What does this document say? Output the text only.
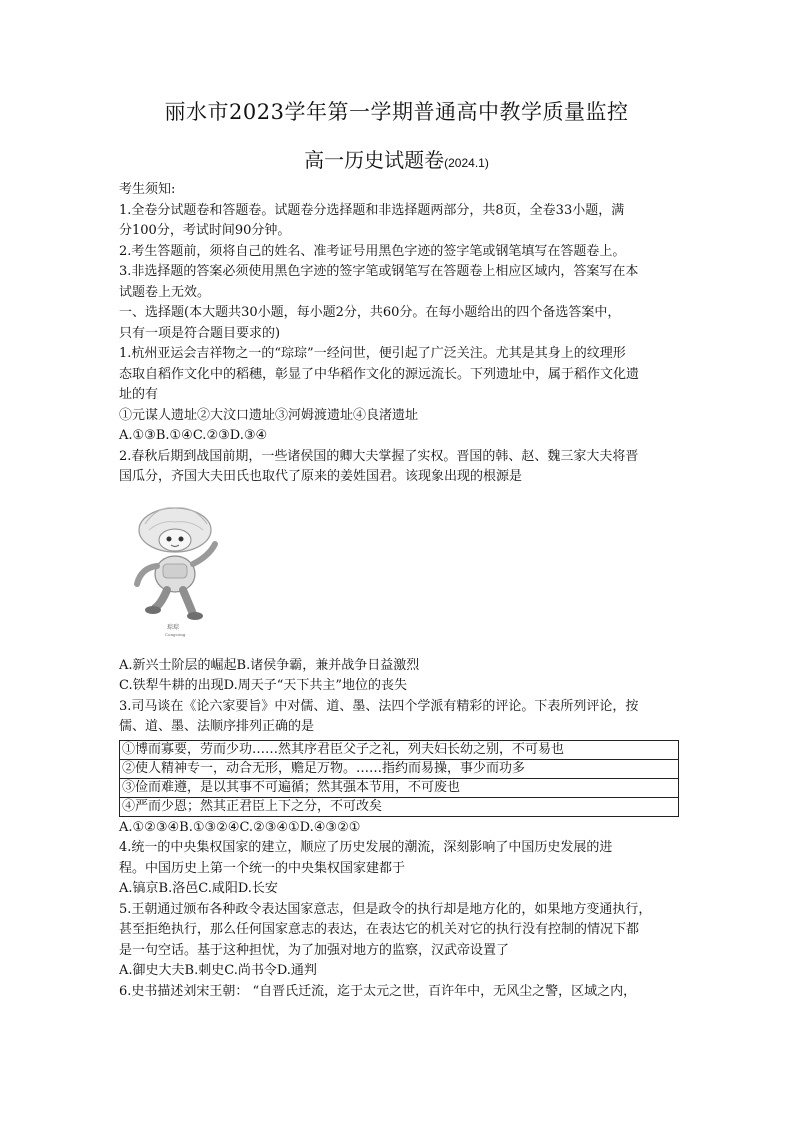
丽水市2023学年第一学期普通高中教学质量监控
高一历史试题卷(2024.1)
考生须知:
1.全卷分试题卷和答题卷。试题卷分选择题和非选择题两部分，共8页，全卷33小题，满
分100分，考试时间90分钟。
2.考生答题前，须将自己的姓名、准考证号用黑色字迹的签字笔或钢笔填写在答题卷上。
3.非选择题的答案必须使用黑色字迹的签字笔或钢笔写在答题卷上相应区域内，答案写在本
试题卷上无效。
一、选择题(本大题共30小题，每小题2分，共60分。在每小题给出的四个备选答案中，
只有一项是符合题目要求的)
1.杭州亚运会吉祥物之一的“琮琮”一经问世，便引起了广泛关注。尤其是其身上的纹理形
态取自稻作文化中的稻穗，彰显了中华稻作文化的源远流长。下列遗址中，属于稻作文化遗
址的有
①元谋人遗址②大汶口遗址③河姆渡遗址④良渚遗址
A.①③B.①④C.②③D.③④
2.春秋后期到战国前期，一些诸侯国的卿大夫掌握了实权。晋国的韩、赵、魏三家大夫将晋
国瓜分，齐国大夫田氏也取代了原来的姜姓国君。该现象出现的根源是
琮琮
Congcong
A.新兴士阶层的崛起B.诸侯争霸，兼并战争日益激烈
C.铁犁牛耕的出现D.周天子“天下共主”地位的丧失
3.司马谈在《论六家要旨》中对儒、道、墨、法四个学派有精彩的评论。下表所列评论，按
儒、道、墨、法顺序排列正确的是
①博而寡要，劳而少功……然其序君臣父子之礼，列夫妇长幼之别，不可易也
②使人精神专一，动合无形，赡足万物。……指约而易操，事少而功多
③俭而难遵，是以其事不可遍循；然其强本节用，不可废也
④严而少恩；然其正君臣上下之分，不可改矣
A.①②③④B.①③②④C.②③④①D.④③②①
4.统一的中央集权国家的建立，顺应了历史发展的潮流，深刻影响了中国历史发展的进
程。中国历史上第一个统一的中央集权国家建都于
A.镐京B.洛邑C.咸阳D.长安
5.王朝通过颁布各种政令表达国家意志，但是政令的执行却是地方化的，如果地方变通执行，
甚至拒绝执行，那么任何国家意志的表达，在表达它的机关对它的执行没有控制的情况下都
是一句空话。基于这种担忧，为了加强对地方的监察，汉武帝设置了
A.御史大夫B.刺史C.尚书令D.通判
6.史书描述刘宋王朝： “自晋氏迁流，迄于太元之世，百许年中，无风尘之警，区域之内，
